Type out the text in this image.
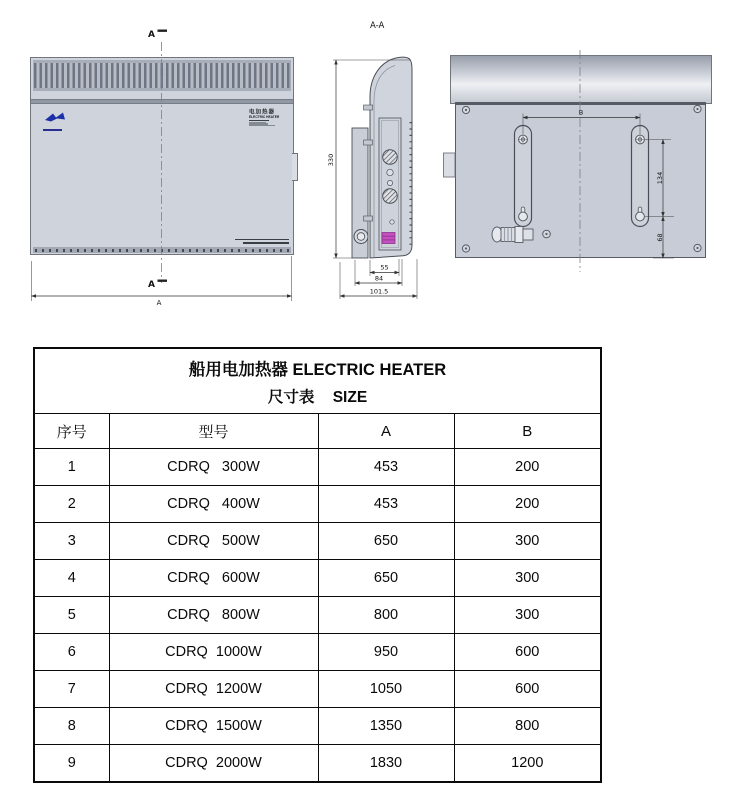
电加热器
ELECTRIC HEATER
A
A
A
A-A
330
55
84
101.5
B
134
68
船用电加热器 ELECTRIC HEATER
尺寸表 SIZE			

序号	型号	A	B
1	CDRQ   300W	453	200
2	CDRQ   400W	453	200
3	CDRQ   500W	650	300
4	CDRQ   600W	650	300
5	CDRQ   800W	800	300
6	CDRQ  1000W	950	600
7	CDRQ  1200W	1050	600
8	CDRQ  1500W	1350	800
9	CDRQ  2000W	1830	1200
